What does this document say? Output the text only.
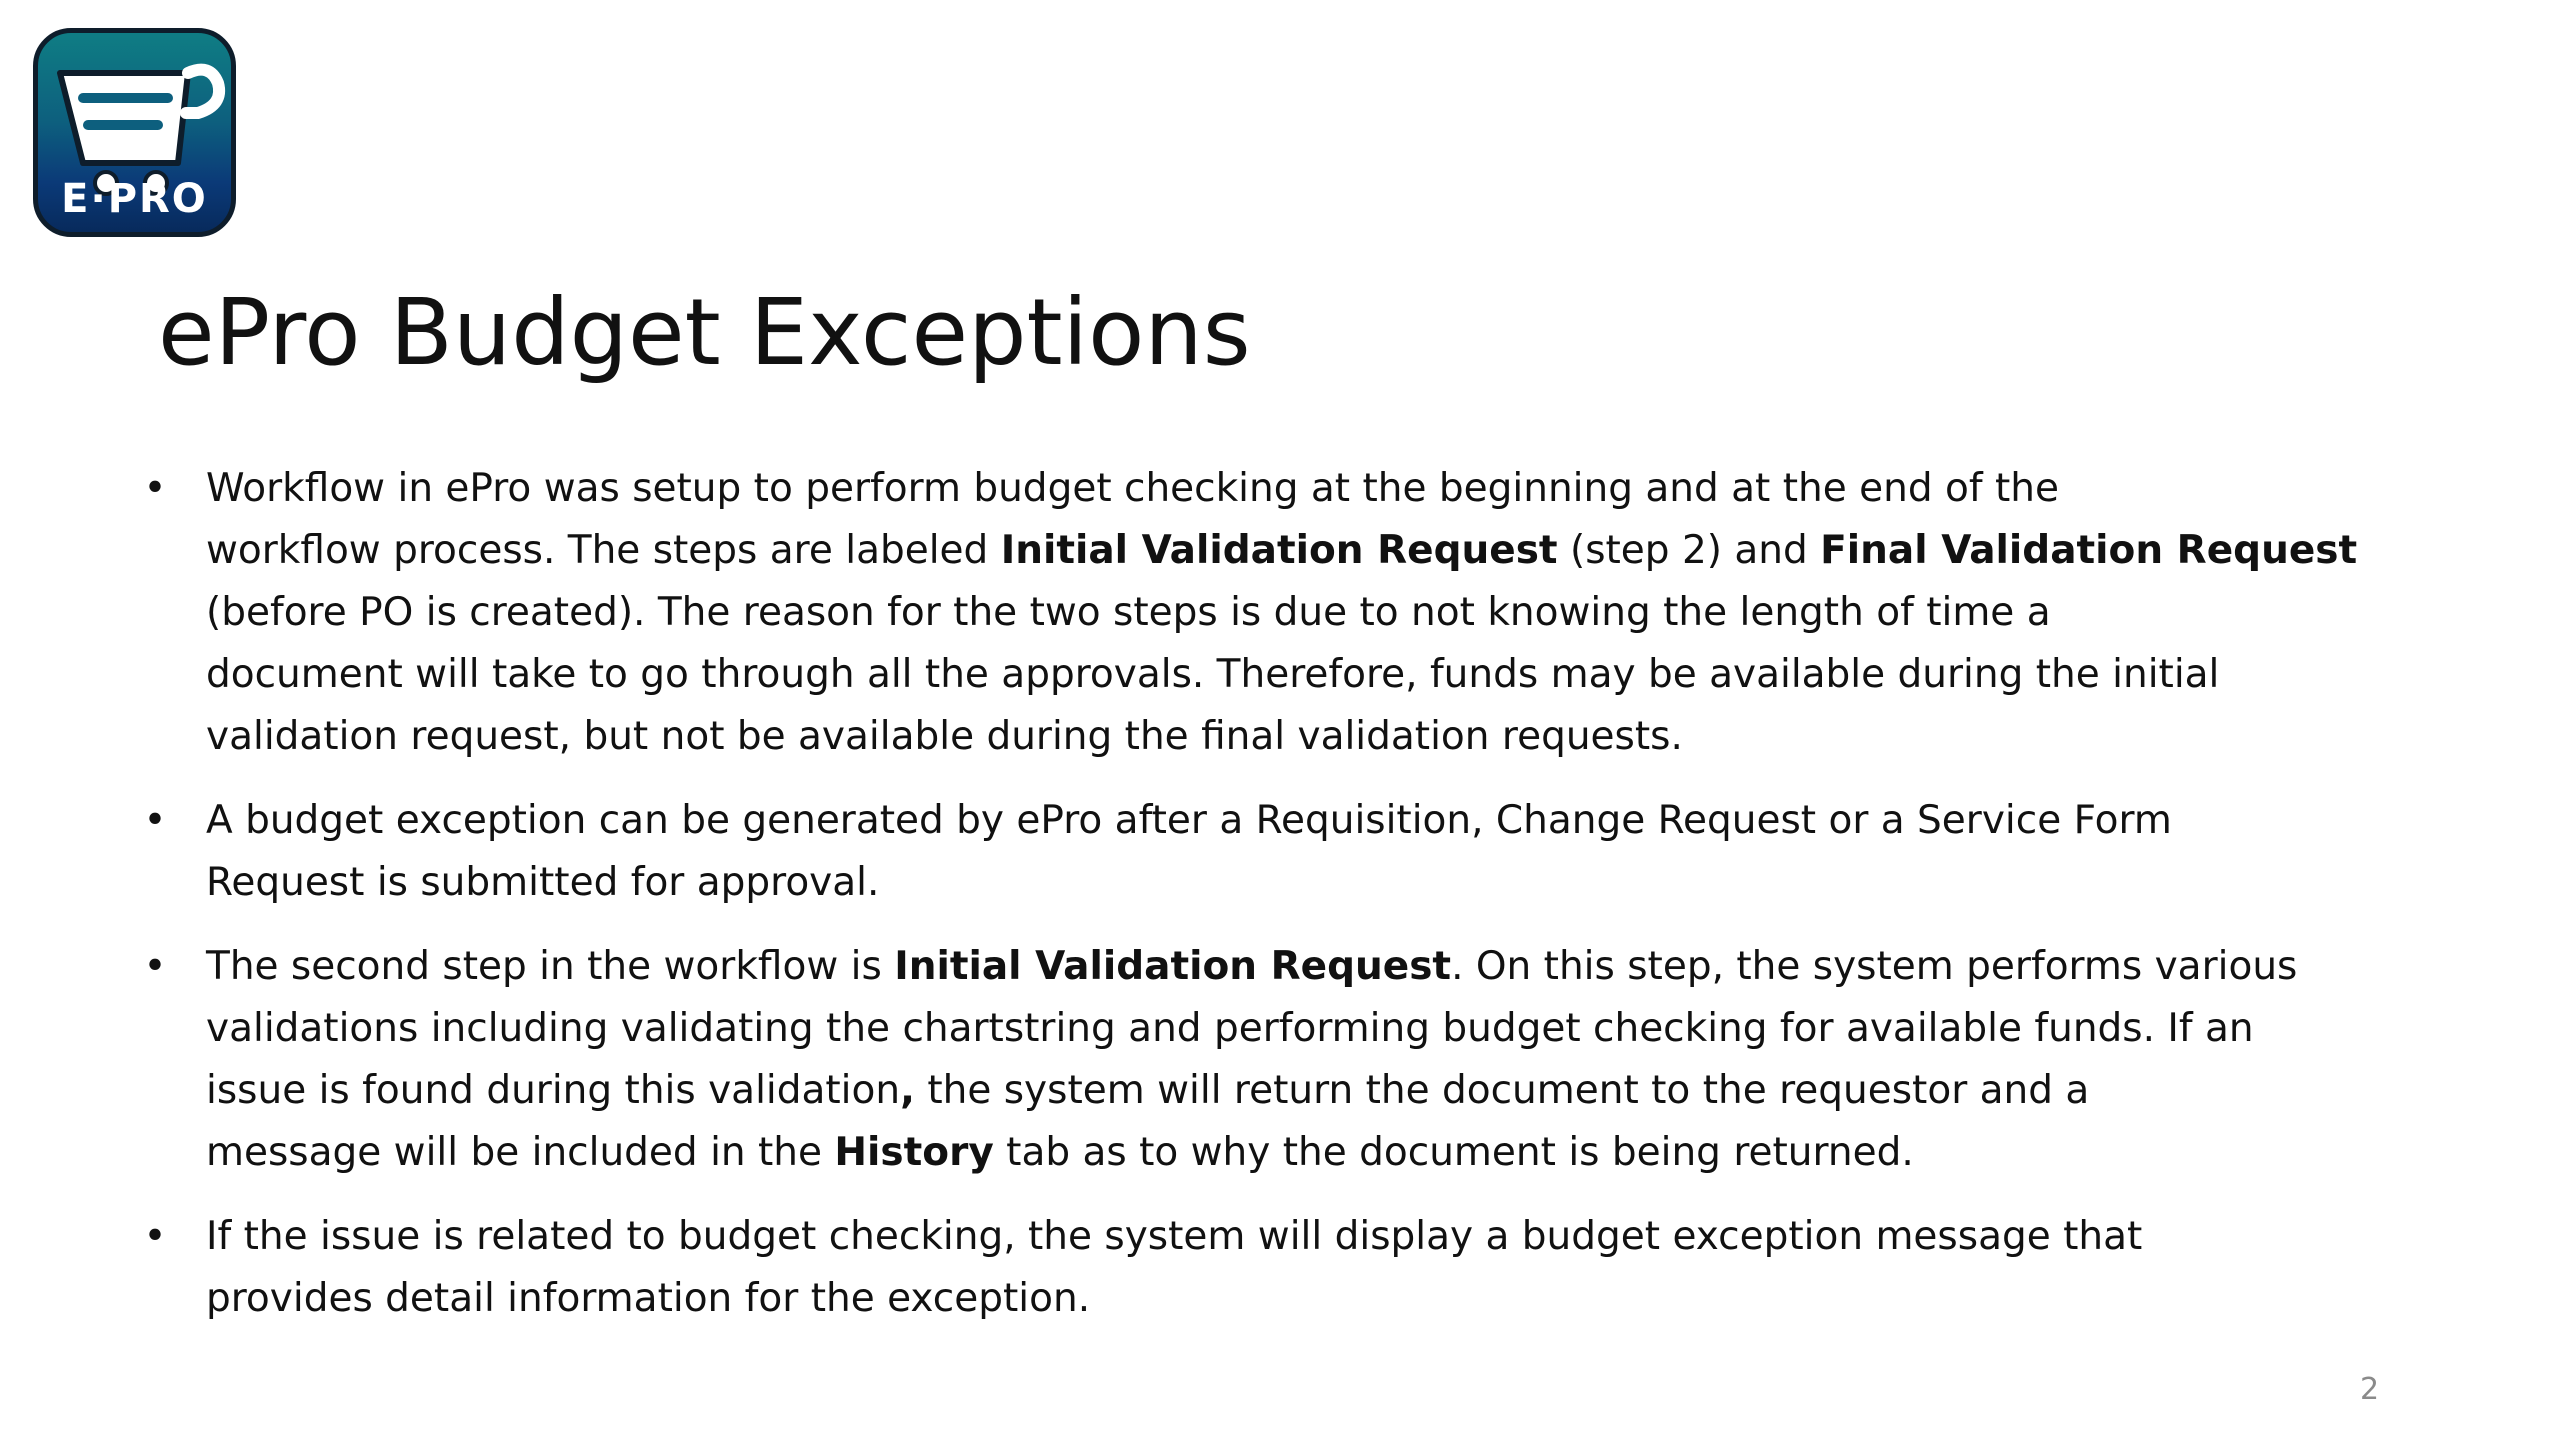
E·PRO
ePro Budget Exceptions
• Workflow in ePro was setup to perform budget checking at the beginning and at the end of the
workflow process. The steps are labeled Initial Validation Request (step 2) and Final Validation Request
(before PO is created). The reason for the two steps is due to not knowing the length of time a
document will take to go through all the approvals. Therefore, funds may be available during the initial
validation request, but not be available during the final validation requests.
• A budget exception can be generated by ePro after a Requisition, Change Request or a Service Form
Request is submitted for approval.
• The second step in the workflow is Initial Validation Request. On this step, the system performs various
validations including validating the chartstring and performing budget checking for available funds. If an
issue is found during this validation, the system will return the document to the requestor and a
message will be included in the History tab as to why the document is being returned.
• If the issue is related to budget checking, the system will display a budget exception message that
provides detail information for the exception.
2
